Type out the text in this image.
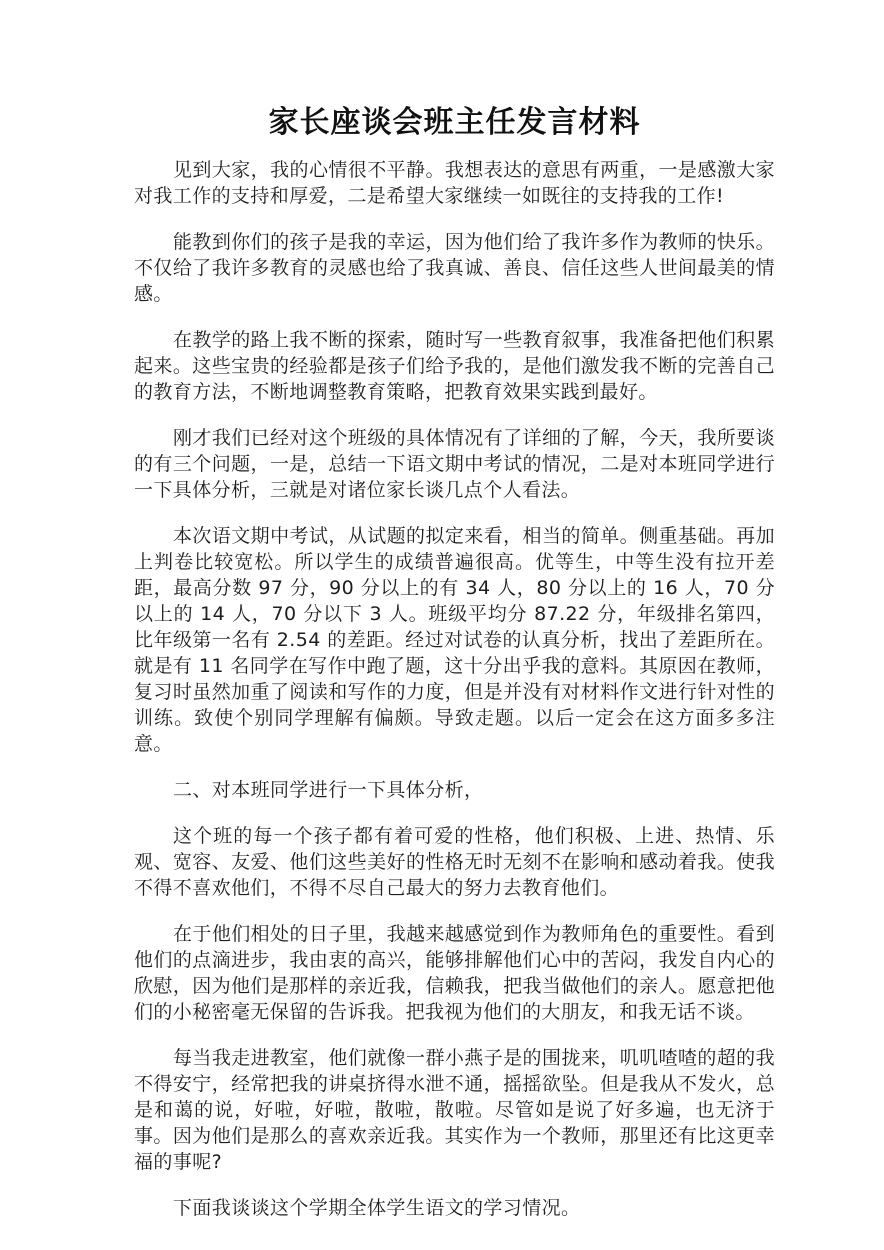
家长座谈会班主任发言材料

见到大家，我的心情很不平静。我想表达的意思有两重，一是感激大家对我工作的支持和厚爱，二是希望大家继续一如既往的支持我的工作!

能教到你们的孩子是我的幸运，因为他们给了我许多作为教师的快乐。不仅给了我许多教育的灵感也给了我真诚、善良、信任这些人世间最美的情感。

在教学的路上我不断的探索，随时写一些教育叙事，我准备把他们积累起来。这些宝贵的经验都是孩子们给予我的，是他们激发我不断的完善自己的教育方法，不断地调整教育策略，把教育效果实践到最好。

刚才我们已经对这个班级的具体情况有了详细的了解，今天，我所要谈的有三个问题，一是，总结一下语文期中考试的情况，二是对本班同学进行一下具体分析，三就是对诸位家长谈几点个人看法。

本次语文期中考试，从试题的拟定来看，相当的简单。侧重基础。再加上判卷比较宽松。所以学生的成绩普遍很高。优等生，中等生没有拉开差距，最高分数 97 分，90 分以上的有 34 人，80 分以上的 16 人，70 分以上的 14 人，70 分以下 3 人。班级平均分 87.22 分，年级排名第四，比年级第一名有 2.54 的差距。经过对试卷的认真分析，找出了差距所在。就是有 11 名同学在写作中跑了题，这十分出乎我的意料。其原因在教师，复习时虽然加重了阅读和写作的力度，但是并没有对材料作文进行针对性的训练。致使个别同学理解有偏颇。导致走题。以后一定会在这方面多多注意。

二、对本班同学进行一下具体分析，

这个班的每一个孩子都有着可爱的性格，他们积极、上进、热情、乐观、宽容、友爱、他们这些美好的性格无时无刻不在影响和感动着我。使我不得不喜欢他们，不得不尽自己最大的努力去教育他们。

在于他们相处的日子里，我越来越感觉到作为教师角色的重要性。看到他们的点滴进步，我由衷的高兴，能够排解他们心中的苦闷，我发自内心的欣慰，因为他们是那样的亲近我，信赖我，把我当做他们的亲人。愿意把他们的小秘密毫无保留的告诉我。把我视为他们的大朋友，和我无话不谈。

每当我走进教室，他们就像一群小燕子是的围拢来，叽叽喳喳的超的我不得安宁，经常把我的讲桌挤得水泄不通，摇摇欲坠。但是我从不发火，总是和蔼的说，好啦，好啦，散啦，散啦。尽管如是说了好多遍，也无济于事。因为他们是那么的喜欢亲近我。其实作为一个教师，那里还有比这更幸福的事呢?

下面我谈谈这个学期全体学生语文的学习情况。
